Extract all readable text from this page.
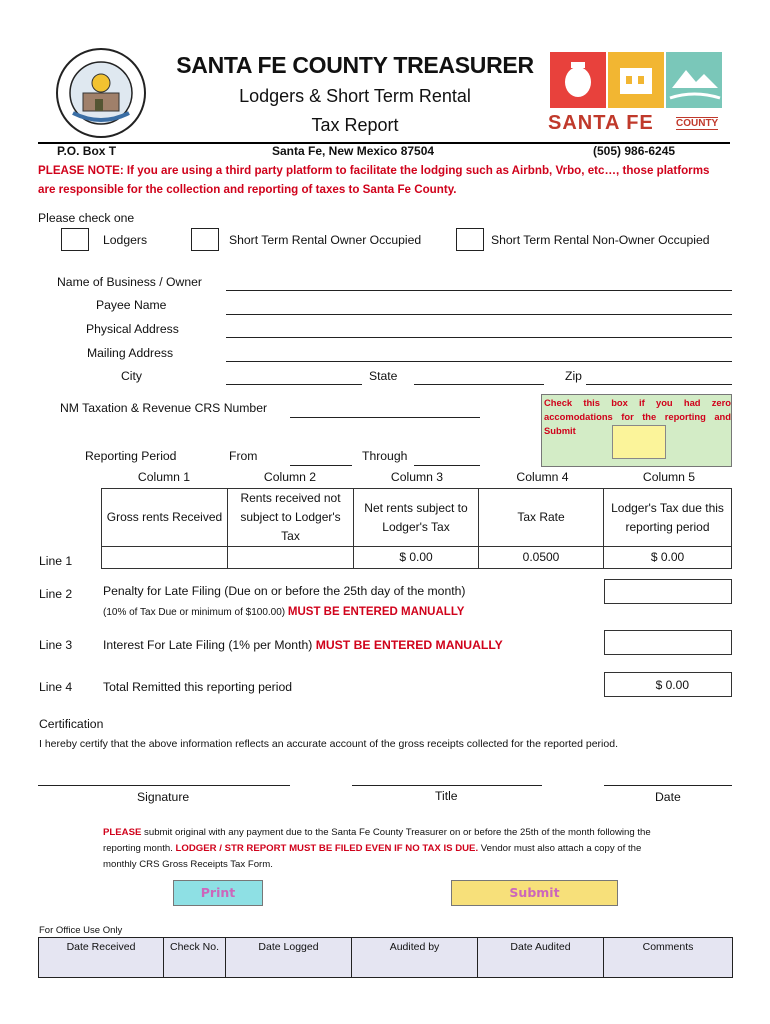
SANTA FE COUNTY TREASURER
Lodgers & Short Term Rental
Tax Report	SANTA FE COUNTY
P.O. Box T	Santa Fe, New Mexico 87504	(505) 986-6245
PLEASE NOTE: If you are using a third party platform to facilitate the lodging such as Airbnb, Vrbo, etc…, those platforms are responsible for the collection and reporting of taxes to Santa Fe County.
Please check one
Lodgers	Short Term Rental Owner Occupied	Short Term Rental Non-Owner Occupied
Name of Business / Owner
Payee Name
Physical Address
Mailing Address
City	State	Zip
NM Taxation & Revenue CRS Number	Check this box if you had zero accomodations for the reporting and Submit
Reporting Period	From	Through
Column 1	Column 2	Column 3	Column 4	Column 5
Gross rents Received	Rents received not subject to Lodger's Tax	Net rents subject to Lodger's Tax	Tax Rate	Lodger's Tax due this reporting period
		$ 0.00	0.0500	$ 0.00
Line 1
Line 2	Penalty for Late Filing (Due on or before the 25th day of the month)
(10% of Tax Due or minimum of $100.00) MUST BE ENTERED MANUALLY
Line 3	Interest For Late Filing (1% per Month) MUST BE ENTERED MANUALLY
Line 4	Total Remitted this reporting period	$ 0.00
Certification
I hereby certify that the above information reflects an accurate account of the gross receipts collected for the reported period.
Signature	Title	Date
PLEASE submit original with any payment due to the Santa Fe County Treasurer on or before the 25th of the month following the reporting month. LODGER / STR REPORT MUST BE FILED EVEN IF NO TAX IS DUE. Vendor must also attach a copy of the monthly CRS Gross Receipts Tax Form.
Print	Submit
For Office Use Only
Date Received	Check No.	Date Logged	Audited by	Date Audited	Comments
